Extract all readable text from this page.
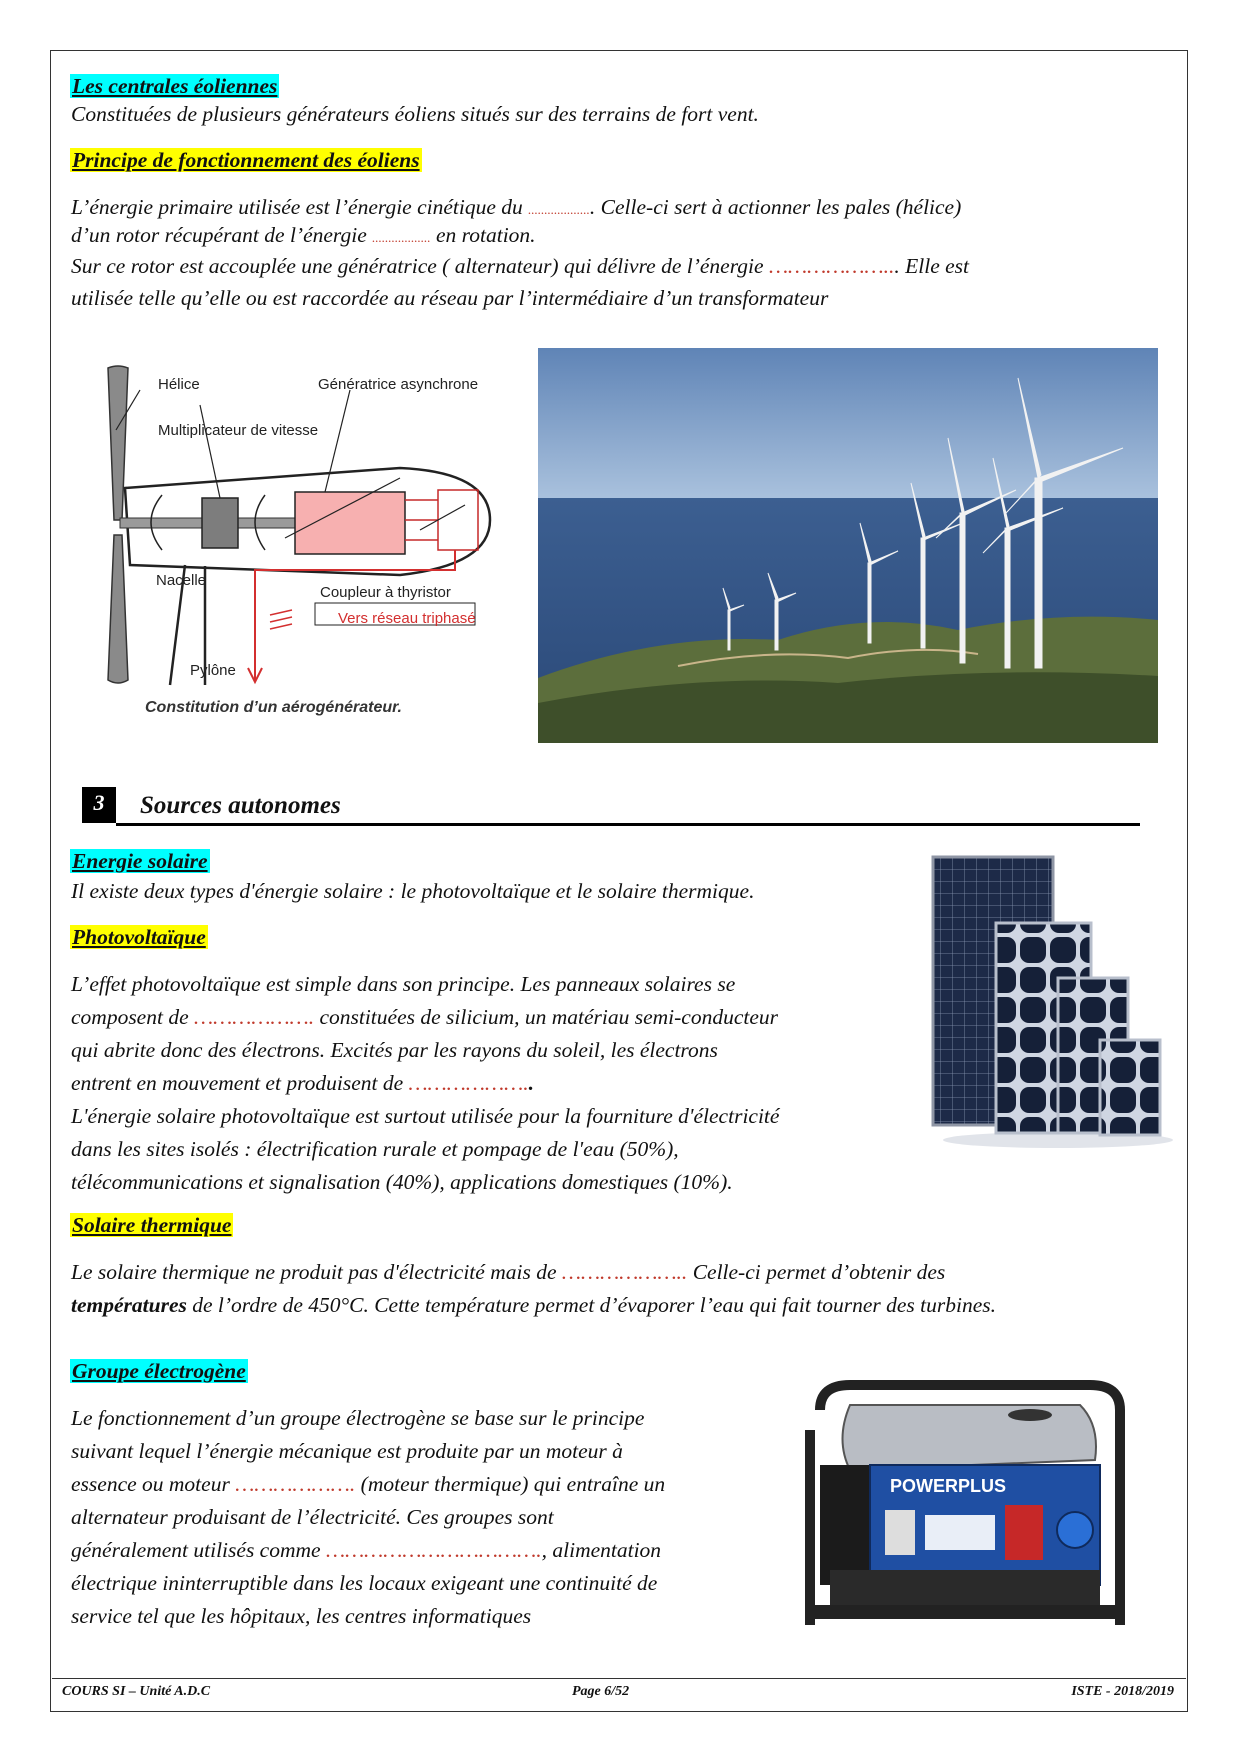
Les centrales éoliennes
Constituées de plusieurs générateurs éoliens situés sur des terrains de fort vent.
Principe de fonctionnement des éoliens
L’énergie primaire utilisée est l’énergie cinétique du .................... Celle-ci sert à actionner les pales (hélice)
d’un rotor récupérant de l’énergie .................. en rotation.
Sur ce rotor est accouplée une génératrice ( alternateur) qui délivre de l’énergie ………………... Elle est
utilisée telle qu’elle ou est raccordée au réseau par l’intermédiaire d’un transformateur
Hélice	Génératrice asynchrone
Multiplicateur de vitesse
Nacelle
Coupleur à thyristor
Vers réseau triphasé
Pylône
Constitution d’un aérogénérateur.
3	Sources autonomes
Energie solaire
Il existe deux types d'énergie solaire : le photovoltaïque et le solaire thermique.
Photovoltaïque
L’effet photovoltaïque est simple dans son principe. Les panneaux solaires se
composent de ………………. constituées de silicium, un matériau semi-conducteur
qui abrite donc des électrons. Excités par les rayons du soleil, les électrons
entrent en mouvement et produisent de ………………..
L'énergie solaire photovoltaïque est surtout utilisée pour la fourniture d'électricité
dans les sites isolés : électrification rurale et pompage de l'eau (50%),
télécommunications et signalisation (40%), applications domestiques (10%).
Solaire thermique
Le solaire thermique ne produit pas d'électricité mais de ……………….. Celle-ci permet d’obtenir des
températures de l’ordre de 450°C. Cette température permet d’évaporer l’eau qui fait tourner des turbines.
Groupe électrogène
Le fonctionnement d’un groupe électrogène se base sur le principe
suivant lequel l’énergie mécanique est produite par un moteur à
essence ou moteur ………………. (moteur thermique) qui entraîne un
alternateur produisant de l’électricité. Ces groupes sont
généralement utilisés comme ……………………………., alimentation
électrique ininterruptible dans les locaux exigeant une continuité de
service tel que les hôpitaux, les centres informatiques
POWERPLUS
COURS SI – Unité A.D.C	Page 6/52	ISTE - 2018/2019
